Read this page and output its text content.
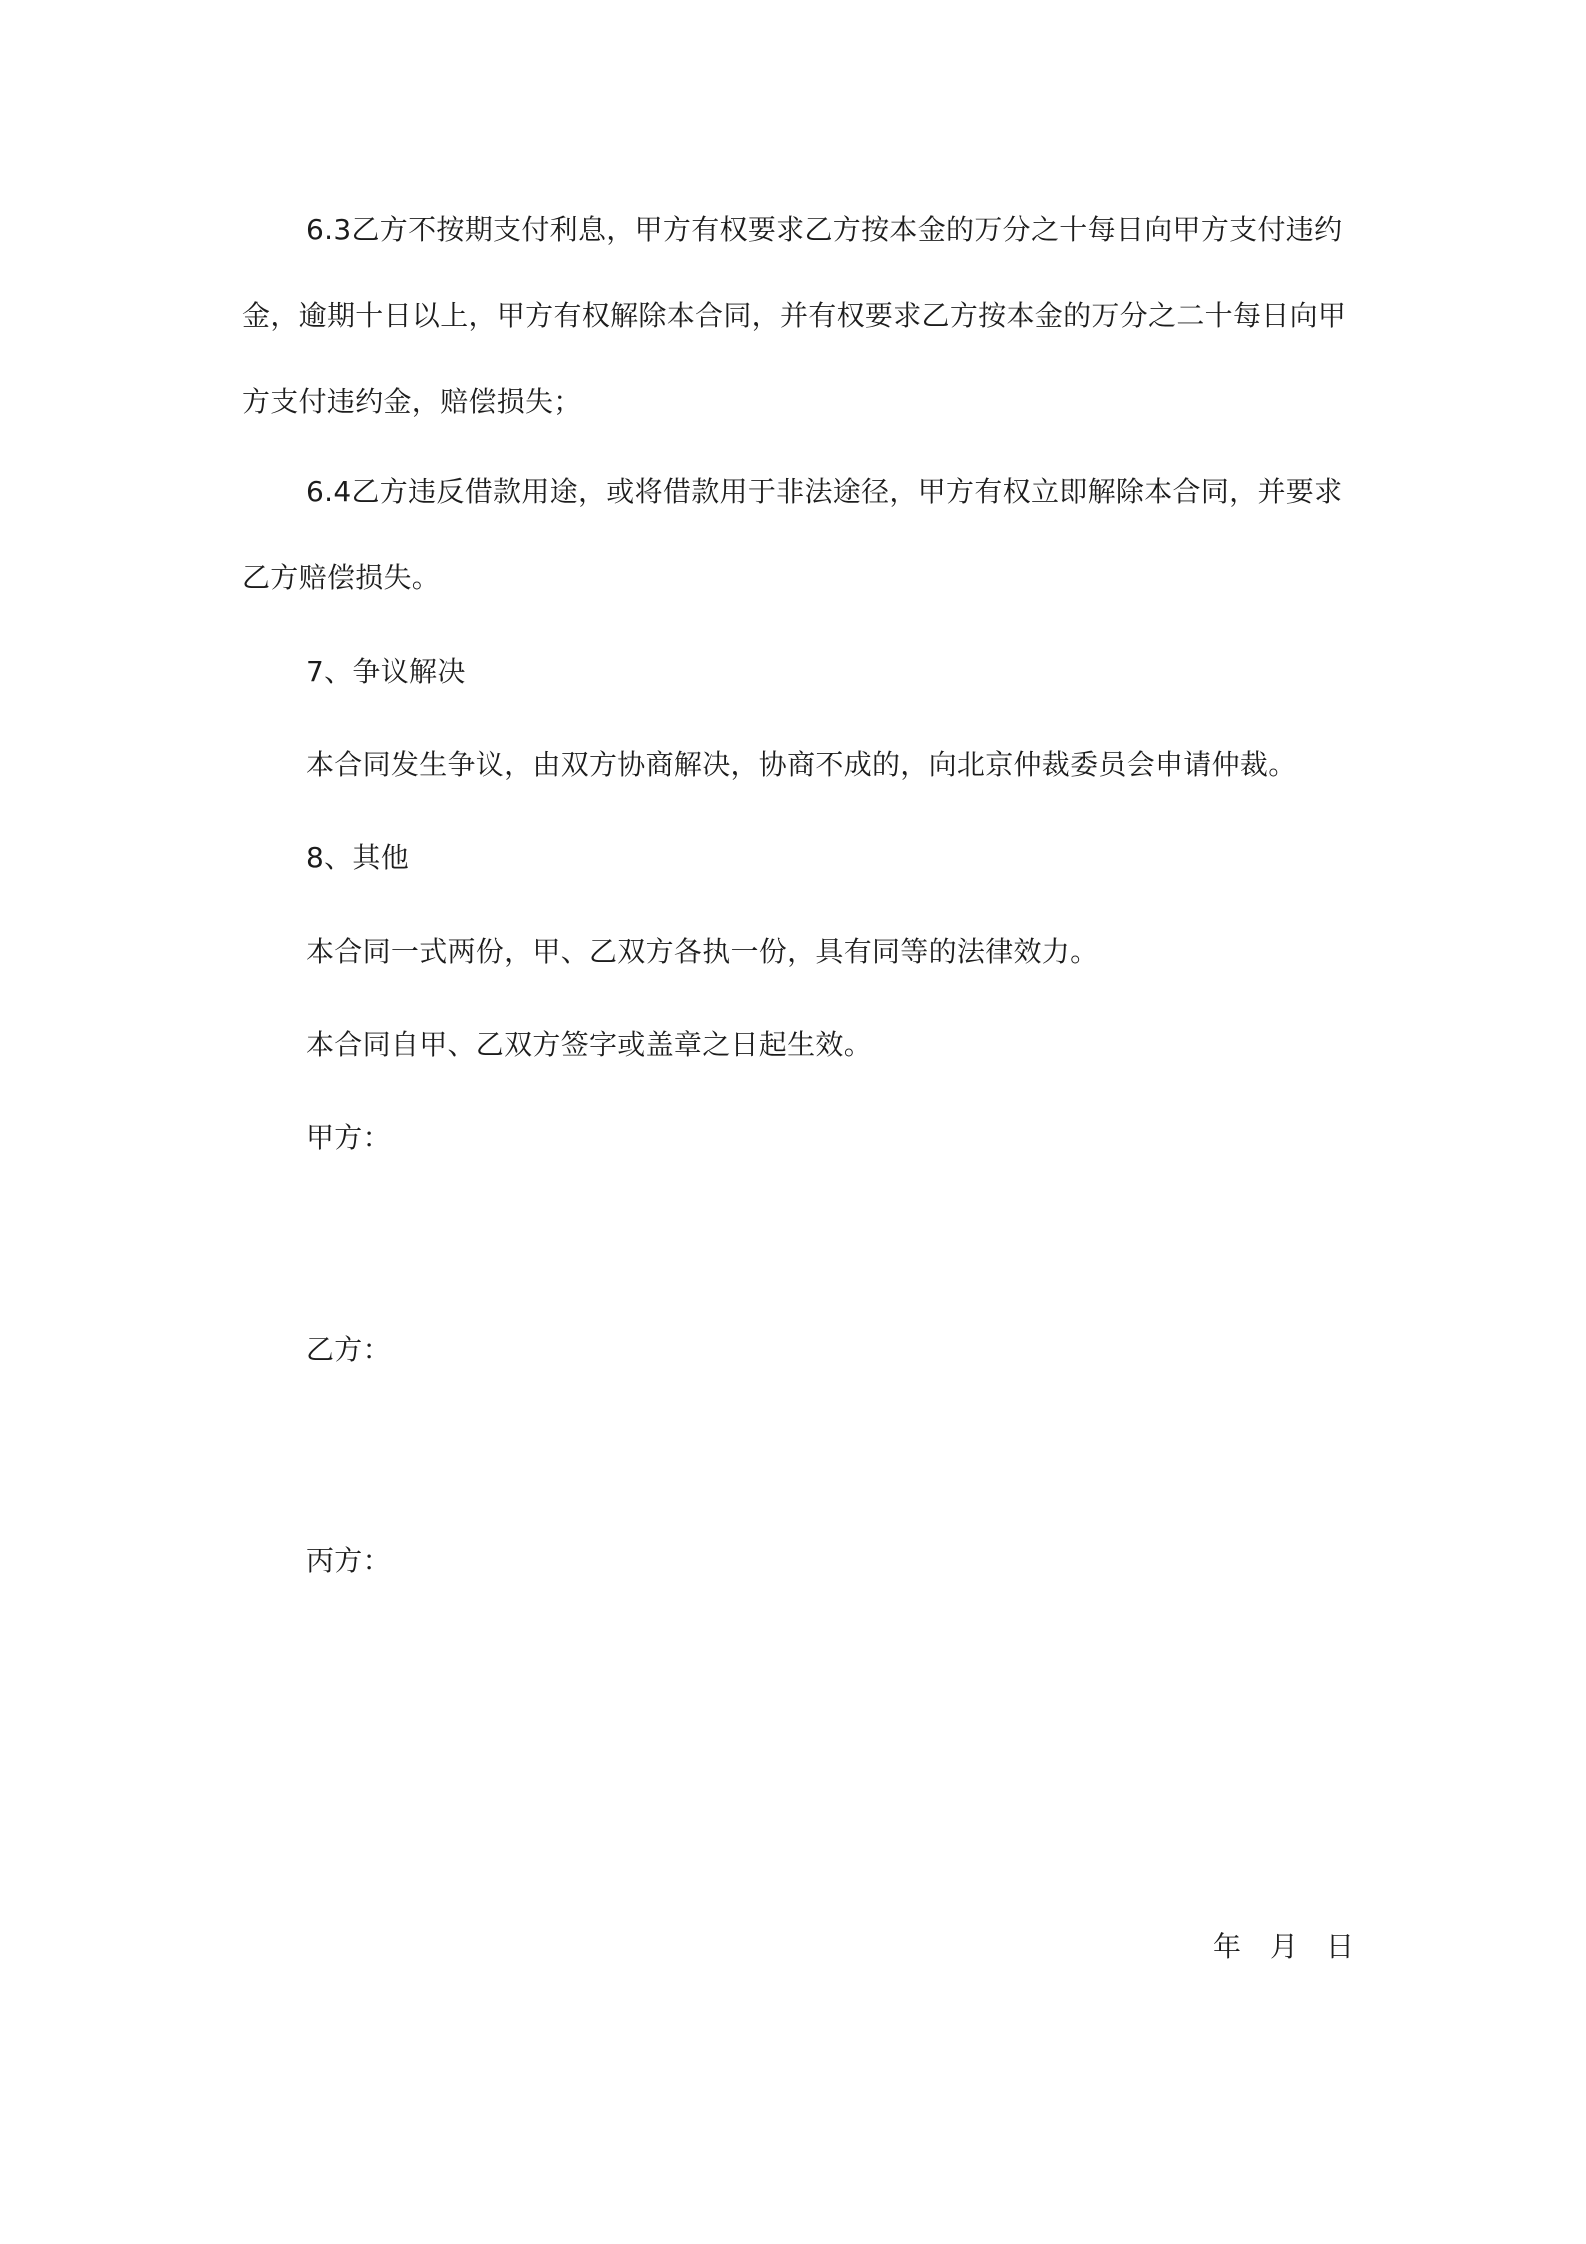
6 . 3 乙 方 不 按 期 支 付 利 息 ， 甲 方 有 权 要 求 乙 方 按 本 金 的 万 分 之 十 每 日 向 甲 方 支 付 违 约
金 ， 逾 期 十 日 以 上 ， 甲 方 有 权 解 除 本 合 同 ， 并 有 权 要 求 乙 方 按 本 金 的 万 分 之 二 十 每 日 向 甲
方支付违约金，赔偿损失；
6 . 4 乙 方 违 反 借 款 用 途 ， 或 将 借 款 用 于 非 法 途 径 ， 甲 方 有 权 立 即 解 除 本 合 同 ， 并 要 求
乙方赔偿损失。
7、争议解决
本合同发生争议，由双方协商解决，协商不成的，向北京仲裁委员会申请仲裁。
8、其他
本合同一式两份，甲、乙双方各执一份，具有同等的法律效力。
本合同自甲、乙双方签字或盖章之日起生效。
甲方：
乙方：
丙方：
年 月 日
